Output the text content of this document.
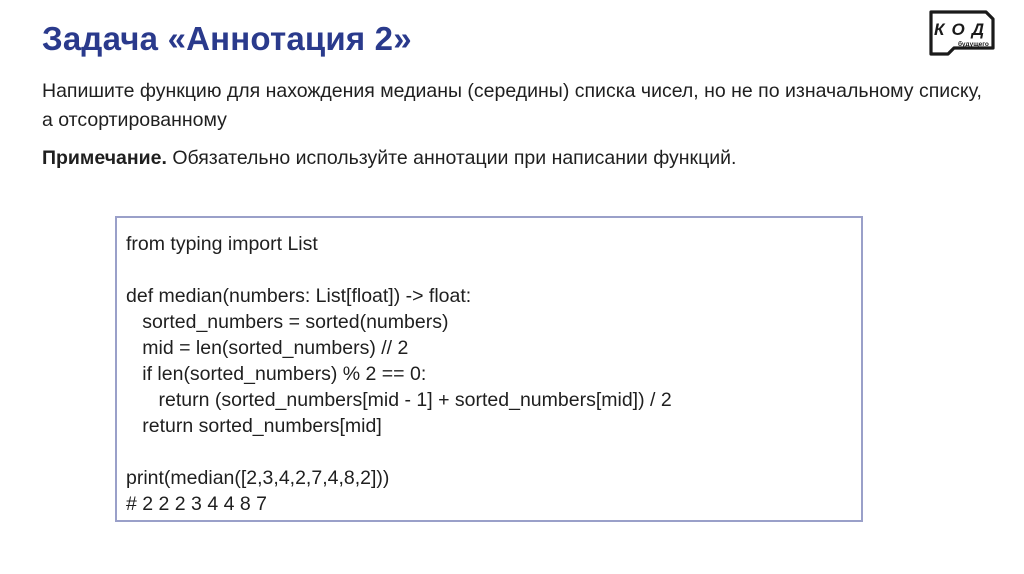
Задача «Аннотация 2»	КОД
будущего

Напишите функцию для нахождения медианы (середины) списка чисел, но не по изначальному списку, а отсортированному

Примечание. Обязательно используйте аннотации при написании функций.
from typing import List
def median(numbers: List[float]) -> float:
sorted_numbers = sorted(numbers)
mid = len(sorted_numbers) // 2
if len(sorted_numbers) % 2 == 0:
return (sorted_numbers[mid - 1] + sorted_numbers[mid]) / 2
return sorted_numbers[mid]
print(median([2,3,4,2,7,4,8,2]))
# 2 2 2 3 4 4 8 7
